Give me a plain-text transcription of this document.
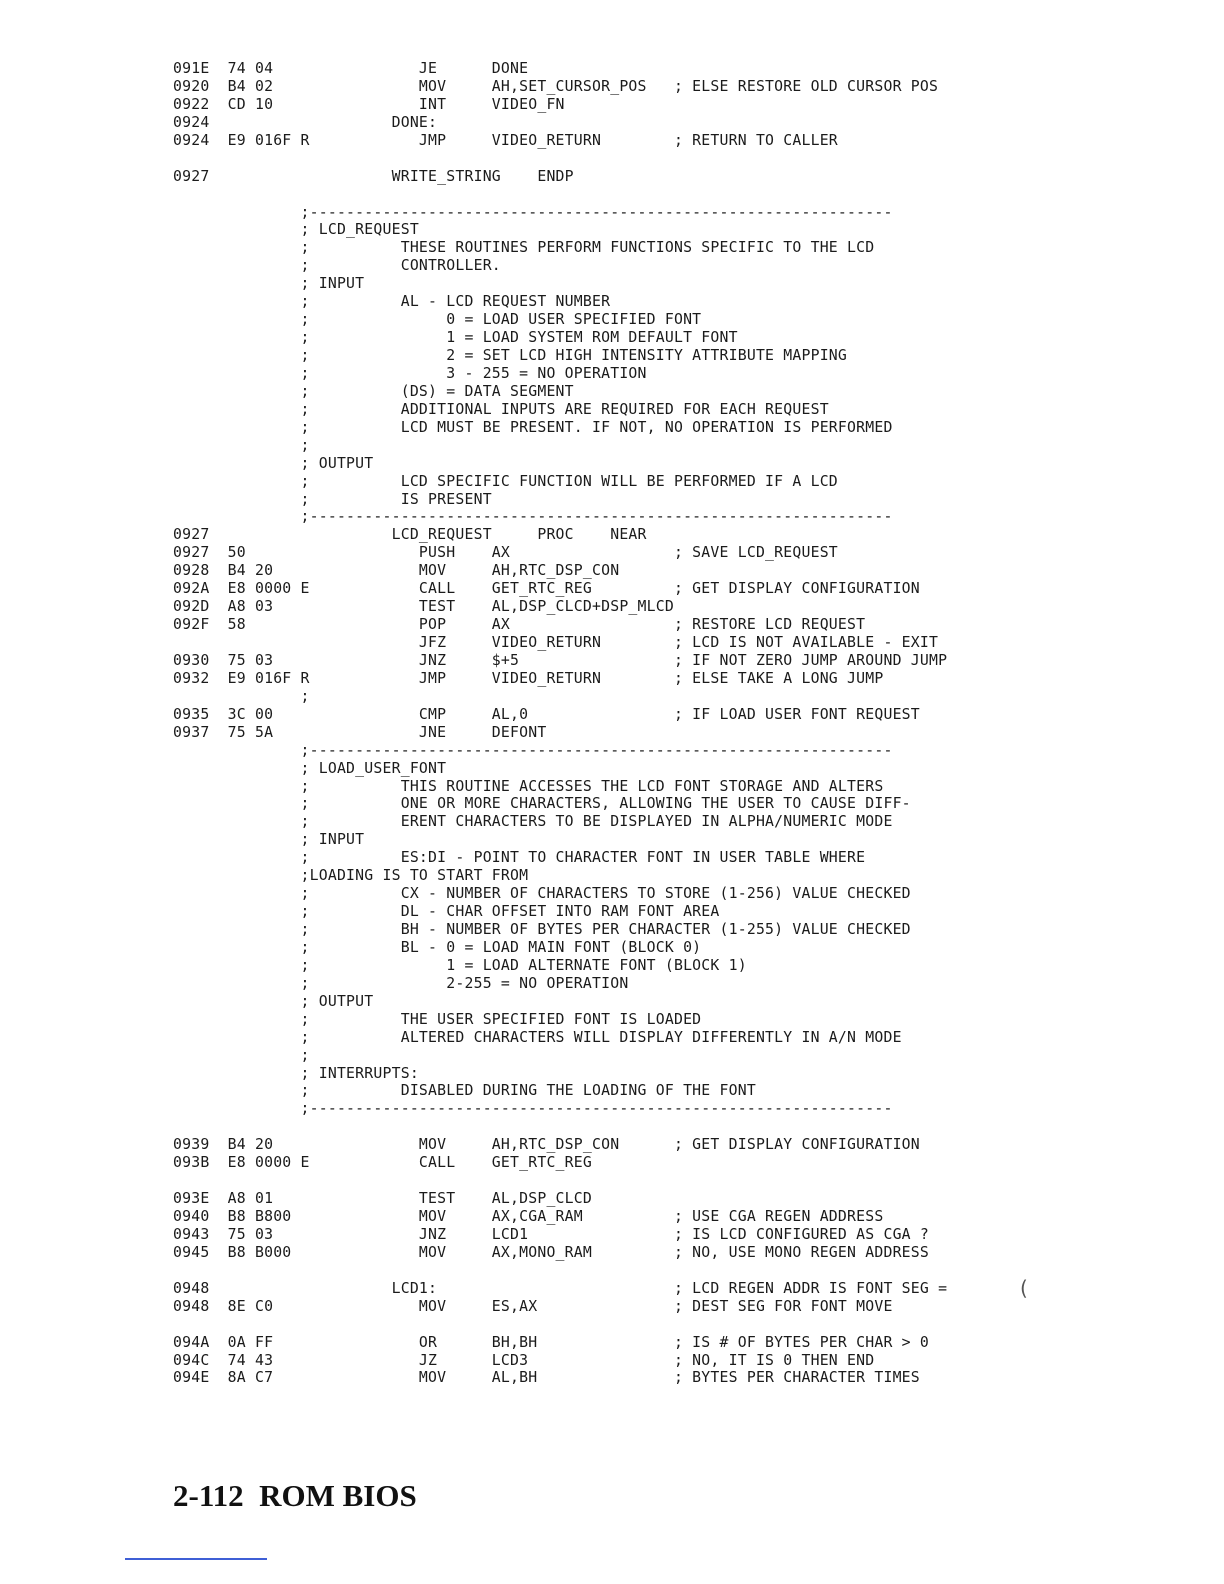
091E  74 04                JE      DONE
0920  B4 02                MOV     AH,SET_CURSOR_POS   ; ELSE RESTORE OLD CURSOR POS
0922  CD 10                INT     VIDEO_FN
0924                    DONE:
0924  E9 016F R            JMP     VIDEO_RETURN        ; RETURN TO CALLER

0927                    WRITE_STRING    ENDP

;----------------------------------------------------------------
; LCD_REQUEST
;          THESE ROUTINES PERFORM FUNCTIONS SPECIFIC TO THE LCD
;          CONTROLLER.
; INPUT
;          AL - LCD REQUEST NUMBER
;               0 = LOAD USER SPECIFIED FONT
;               1 = LOAD SYSTEM ROM DEFAULT FONT
;               2 = SET LCD HIGH INTENSITY ATTRIBUTE MAPPING
;               3 - 255 = NO OPERATION
;          (DS) = DATA SEGMENT
;          ADDITIONAL INPUTS ARE REQUIRED FOR EACH REQUEST
;          LCD MUST BE PRESENT. IF NOT, NO OPERATION IS PERFORMED
;
; OUTPUT
;          LCD SPECIFIC FUNCTION WILL BE PERFORMED IF A LCD
;          IS PRESENT
;----------------------------------------------------------------
0927                    LCD_REQUEST     PROC    NEAR
0927  50                   PUSH    AX                  ; SAVE LCD_REQUEST
0928  B4 20                MOV     AH,RTC_DSP_CON
092A  E8 0000 E            CALL    GET_RTC_REG         ; GET DISPLAY CONFIGURATION
092D  A8 03                TEST    AL,DSP_CLCD+DSP_MLCD
092F  58                   POP     AX                  ; RESTORE LCD REQUEST
JFZ     VIDEO_RETURN        ; LCD IS NOT AVAILABLE - EXIT
0930  75 03                JNZ     $+5                 ; IF NOT ZERO JUMP AROUND JUMP
0932  E9 016F R            JMP     VIDEO_RETURN        ; ELSE TAKE A LONG JUMP
;
0935  3C 00                CMP     AL,0                ; IF LOAD USER FONT REQUEST
0937  75 5A                JNE     DEFONT
;----------------------------------------------------------------
; LOAD_USER_FONT
;          THIS ROUTINE ACCESSES THE LCD FONT STORAGE AND ALTERS
;          ONE OR MORE CHARACTERS, ALLOWING THE USER TO CAUSE DIFF-
;          ERENT CHARACTERS TO BE DISPLAYED IN ALPHA/NUMERIC MODE
; INPUT
;          ES:DI - POINT TO CHARACTER FONT IN USER TABLE WHERE
;LOADING IS TO START FROM
;          CX - NUMBER OF CHARACTERS TO STORE (1-256) VALUE CHECKED
;          DL - CHAR OFFSET INTO RAM FONT AREA
;          BH - NUMBER OF BYTES PER CHARACTER (1-255) VALUE CHECKED
;          BL - 0 = LOAD MAIN FONT (BLOCK 0)
;               1 = LOAD ALTERNATE FONT (BLOCK 1)
;               2-255 = NO OPERATION
; OUTPUT
;          THE USER SPECIFIED FONT IS LOADED
;          ALTERED CHARACTERS WILL DISPLAY DIFFERENTLY IN A/N MODE
;
; INTERRUPTS:
;          DISABLED DURING THE LOADING OF THE FONT
;----------------------------------------------------------------

0939  B4 20                MOV     AH,RTC_DSP_CON      ; GET DISPLAY CONFIGURATION
093B  E8 0000 E            CALL    GET_RTC_REG

093E  A8 01                TEST    AL,DSP_CLCD
0940  B8 B800              MOV     AX,CGA_RAM          ; USE CGA REGEN ADDRESS
0943  75 03                JNZ     LCD1                ; IS LCD CONFIGURED AS CGA ?
0945  B8 B000              MOV     AX,MONO_RAM         ; NO, USE MONO REGEN ADDRESS

0948                    LCD1:                          ; LCD REGEN ADDR IS FONT SEG =
0948  8E C0                MOV     ES,AX               ; DEST SEG FOR FONT MOVE

094A  0A FF                OR      BH,BH               ; IS # OF BYTES PER CHAR > 0
094C  74 43                JZ      LCD3                ; NO, IT IS 0 THEN END
094E  8A C7                MOV     AL,BH               ; BYTES PER CHARACTER TIMES
(
2-112  ROM BIOS
